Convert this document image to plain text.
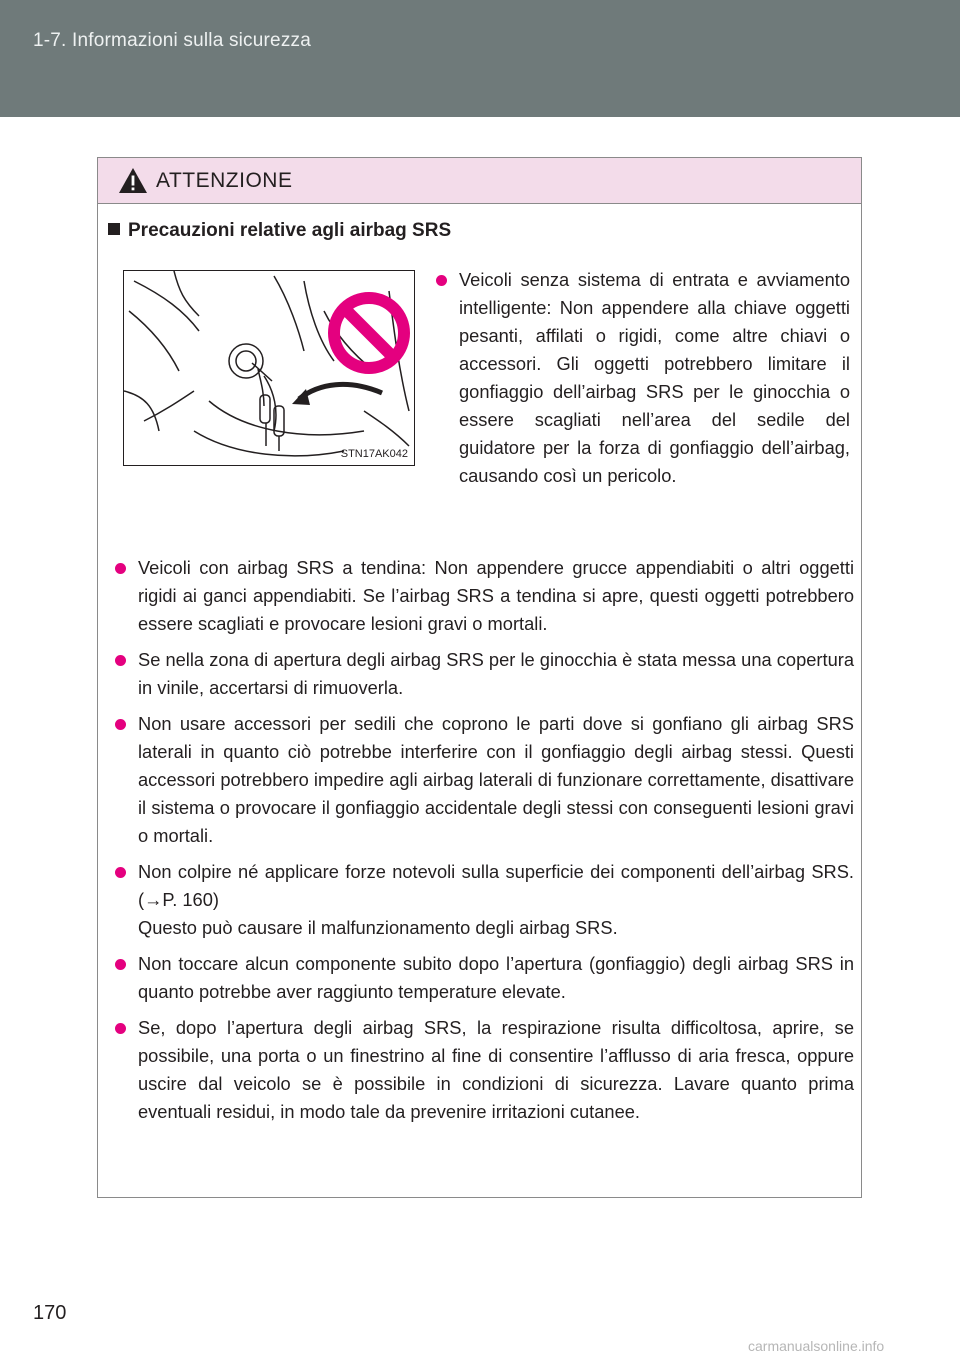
1-7. Informazioni sulla sicurezza
ATTENZIONE
Precauzioni relative agli airbag SRS
STN17AK042
Veicoli senza sistema di entrata e avviamento intelligente: Non appendere alla chiave oggetti pesanti, affilati o rigidi, come altre chiavi o accessori. Gli oggetti potrebbero limitare il gonfiaggio dell’airbag SRS per le ginocchia o essere scagliati nell’area del sedile del guidatore per la forza di gonfiaggio dell’airbag, causando così un pericolo.
Veicoli con airbag SRS a tendina: Non appendere grucce appendiabiti o altri oggetti rigidi ai ganci appendiabiti. Se l’airbag SRS a tendina si apre, questi oggetti potrebbero essere scagliati e provocare lesioni gravi o mortali.
Se nella zona di apertura degli airbag SRS per le ginocchia è stata messa una copertura in vinile, accertarsi di rimuoverla.
Non usare accessori per sedili che coprono le parti dove si gonfiano gli airbag SRS laterali in quanto ciò potrebbe interferire con il gonfiaggio degli airbag stessi. Questi accessori potrebbero impedire agli airbag laterali di funzionare correttamente, disattivare il sistema o provocare il gonfiaggio accidentale degli stessi con conseguenti lesioni gravi o mortali.
Non colpire né applicare forze notevoli sulla superficie dei componenti dell’airbag SRS. (→P. 160)
Questo può causare il malfunzionamento degli airbag SRS.
Non toccare alcun componente subito dopo l’apertura (gonfiaggio) degli airbag SRS in quanto potrebbe aver raggiunto temperature elevate.
Se, dopo l’apertura degli airbag SRS, la respirazione risulta difficoltosa, aprire, se possibile, una porta o un finestrino al fine di consentire l’afflusso di aria fresca, oppure uscire dal veicolo se è possibile in condizioni di sicurezza. Lavare quanto prima eventuali residui, in modo tale da prevenire irritazioni cutanee.
170
carmanualsonline.info
